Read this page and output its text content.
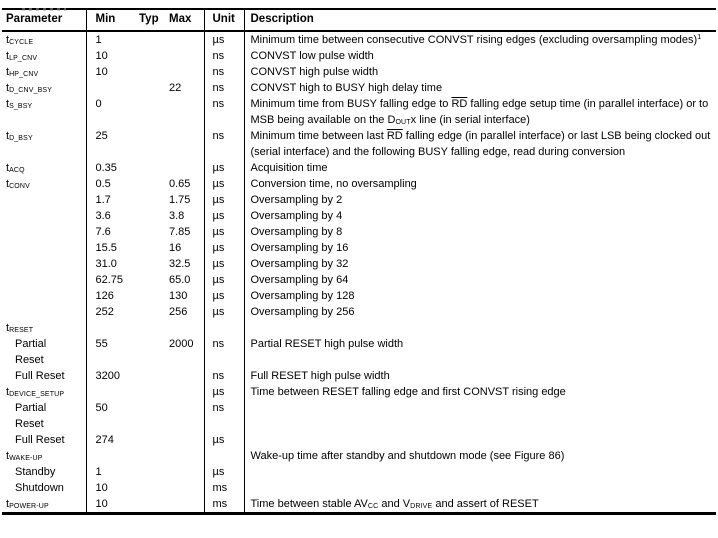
Parameter	Min	Typ	Max	Unit	Description
$t_{CYCLE}$	1			µs	Minimum time between consecutive CONVST rising edges (excluding oversampling modes)$^1$
$t_{LP\_CNV}$	10			ns	CONVST low pulse width
$t_{HP\_CNV}$	10			ns	CONVST high pulse width
$t_{D\_CNV\_BSY}$			22	ns	CONVST high to BUSY high delay time
$t_{S\_BSY}$	0			ns	Minimum time from BUSY falling edge to $\overline{RD}$ falling edge setup time (in parallel interface) or to MSB being available on the $D_{OUT}x$ line (in serial interface)
$t_{D\_BSY}$	25			ns	Minimum time between last $\overline{RD}$ falling edge (in parallel interface) or last LSB being clocked out (serial interface) and the following BUSY falling edge, read during conversion
$t_{ACQ}$	0.35			µs	Acquisition time
$t_{CONV}$	0.5		0.65	µs	Conversion time, no oversampling
	1.7		1.75	µs	Oversampling by 2
	3.6		3.8	µs	Oversampling by 4
	7.6		7.85	µs	Oversampling by 8
	15.5		16	µs	Oversampling by 16
	31.0		32.5	µs	Oversampling by 32
	62.75		65.0	µs	Oversampling by 64
	126		130	µs	Oversampling by 128
	252		256	µs	Oversampling by 256
$t_{RESET}$					
Partial Reset	55		2000	ns	Partial RESET high pulse width
Full Reset	3200			ns	Full RESET high pulse width
$t_{DEVICE\_SETUP}$				µs	Time between RESET falling edge and first CONVST rising edge
Partial Reset	50			ns	
Full Reset	274			µs	
$t_{WAKE-UP}$					Wake-up time after standby and shutdown mode (see Figure 86)
Standby	1			µs	
Shutdown	10			ms	
$t_{POWER-UP}$	10			ms	Time between stable $AV_{CC}$ and $V_{DRIVE}$ and assert of RESET
